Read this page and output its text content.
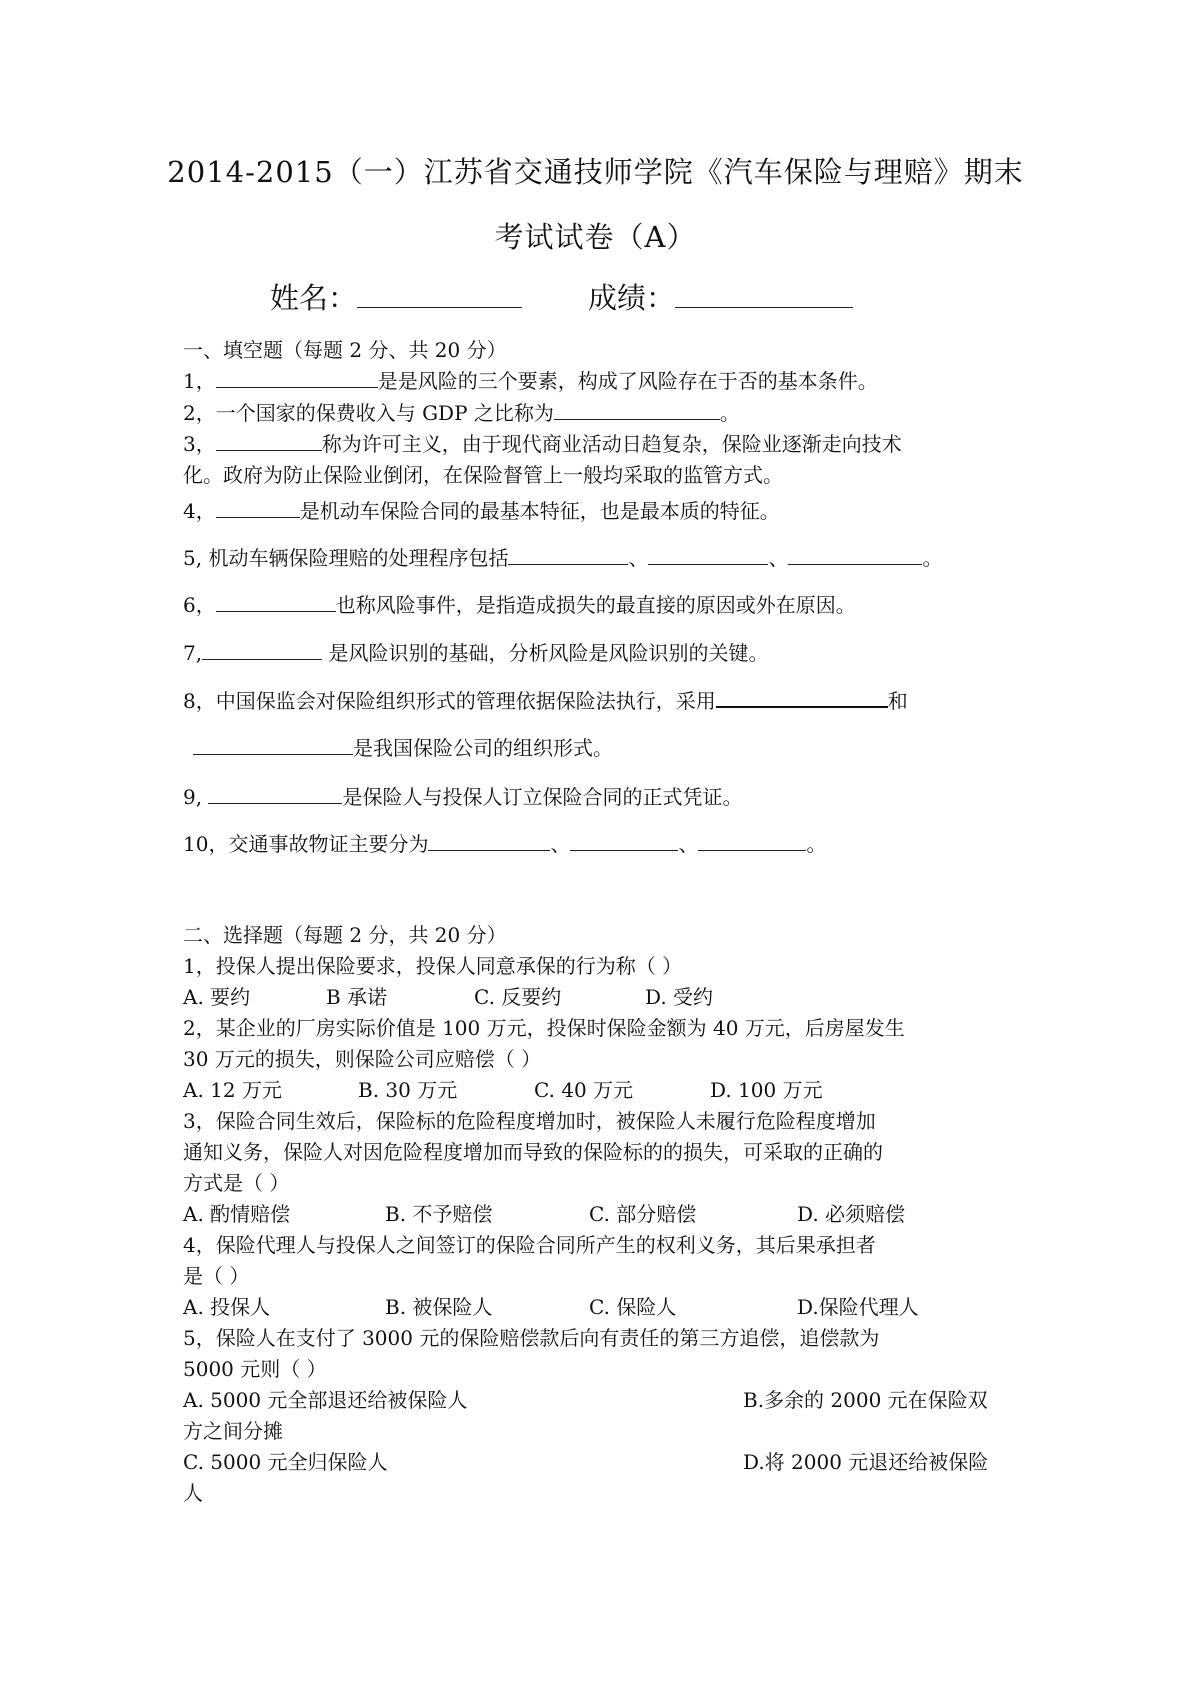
2014-2015（一）江苏省交通技师学院《汽车保险与理赔》期末
考试试卷（A）
姓名：	成绩：
一、填空题（每题 2 分、共 20 分）
1，	是是风险的三个要素，构成了风险存在于否的基本条件。
2，一个国家的保费收入与 GDP 之比称为	。
3，	称为许可主义，由于现代商业活动日趋复杂，保险业逐渐走向技术
化。政府为防止保险业倒闭，在保险督管上一般均采取的监管方式。
4，	是机动车保险合同的最基本特征，也是最本质的特征。
5, 机动车辆保险理赔的处理程序包括	、	、	。
6，	也称风险事件，是指造成损失的最直接的原因或外在原因。
7,	是风险识别的基础，分析风险是风险识别的关键。
8，中国保监会对保险组织形式的管理依据保险法执行，采用	和
是我国保险公司的组织形式。
9,	是保险人与投保人订立保险合同的正式凭证。
10，交通事故物证主要分为	、	、	。
二、选择题（每题 2 分，共 20 分）
1，投保人提出保险要求，投保人同意承保的行为称（ ）
A. 要约	B 承诺	C. 反要约	D. 受约
2，某企业的厂房实际价值是 100 万元，投保时保险金额为 40 万元，后房屋发生
30 万元的损失，则保险公司应赔偿（ ）
A. 12 万元	B. 30 万元	C. 40 万元	D. 100 万元
3，保险合同生效后，保险标的危险程度增加时，被保险人未履行危险程度增加
通知义务，保险人对因危险程度增加而导致的保险标的的损失，可采取的正确的
方式是（ ）
A. 酌情赔偿	B. 不予赔偿	C. 部分赔偿	D. 必须赔偿
4，保险代理人与投保人之间签订的保险合同所产生的权利义务，其后果承担者
是（ ）
A. 投保人	B. 被保险人	C. 保险人	D.保险代理人
5，保险人在支付了 3000 元的保险赔偿款后向有责任的第三方追偿，追偿款为
5000 元则（ ）
A. 5000 元全部退还给被保险人	B.多余的 2000 元在保险双
方之间分摊
C. 5000 元全归保险人	D.将 2000 元退还给被保险
人
